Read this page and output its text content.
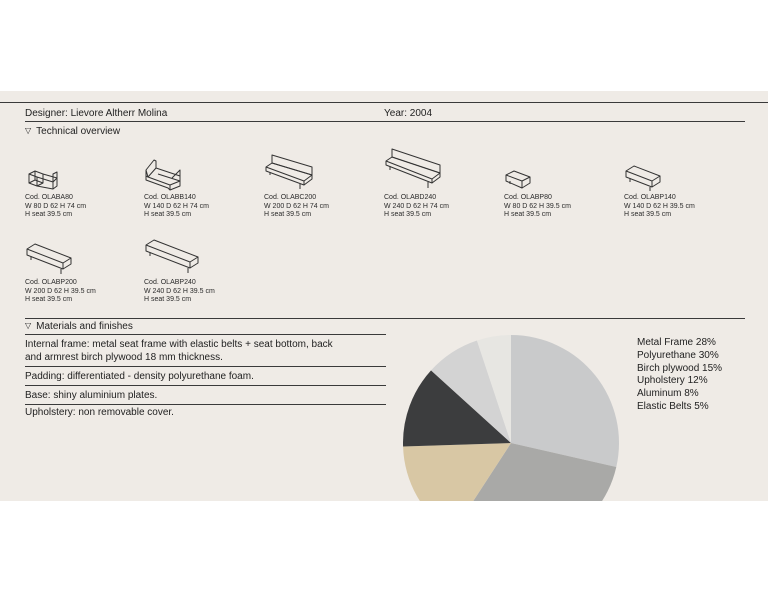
Designer: Lievore Altherr Molina	Year: 2004
▽ Technical overview
Cod. OLABA80
W 80 D 62 H 74 cm
H seat 39.5 cm
Cod. OLABB140
W 140 D 62 H 74 cm
H seat 39.5 cm
Cod. OLABC200
W 200 D 62 H 74 cm
H seat 39.5 cm
Cod. OLABD240
W 240 D 62 H 74 cm
H seat 39.5 cm
Cod. OLABP80
W 80 D 62 H 39.5 cm
H seat 39.5 cm
Cod. OLABP140
W 140 D 62 H 39.5 cm
H seat 39.5 cm
Cod. OLABP200
W 200 D 62 H 39.5 cm
H seat 39.5 cm
Cod. OLABP240
W 240 D 62 H 39.5 cm
H seat 39.5 cm
▽ Materials and finishes
Internal frame: metal seat frame with elastic belts + seat bottom, back
and armrest birch plywood 18 mm thickness.
Padding: differentiated - density polyurethane foam.
Base: shiny aluminium plates.
Upholstery: non removable cover.
Metal Frame 28%
Polyurethane 30%
Birch plywood 15%
Upholstery 12%
Aluminum 8%
Elastic Belts 5%
